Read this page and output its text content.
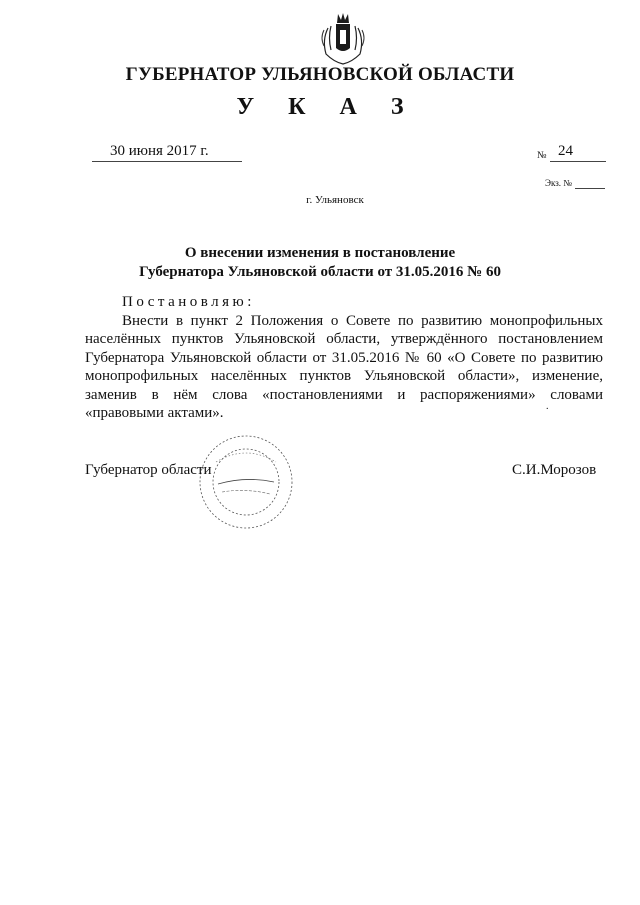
ГУБЕРНАТОР УЛЬЯНОВСКОЙ ОБЛАСТИ
У К А З
30 июня 2017 г.	№ 24
Экз. №
г. Ульяновск
О внесении изменения в постановление
Губернатора Ульяновской области от 31.05.2016 № 60
Постановляю:
Внести в пункт 2 Положения о Совете по развитию монопрофильных населённых пунктов Ульяновской области, утверждённого постановлением Губернатора Ульяновской области от 31.05.2016 № 60 «О Совете по развитию монопрофильных населённых пунктов Ульяновской области», изменение, заменив в нём слова «постановлениями и распоряжениями» словами «правовыми актами».	.
Губернатор области	С.И.Морозов
